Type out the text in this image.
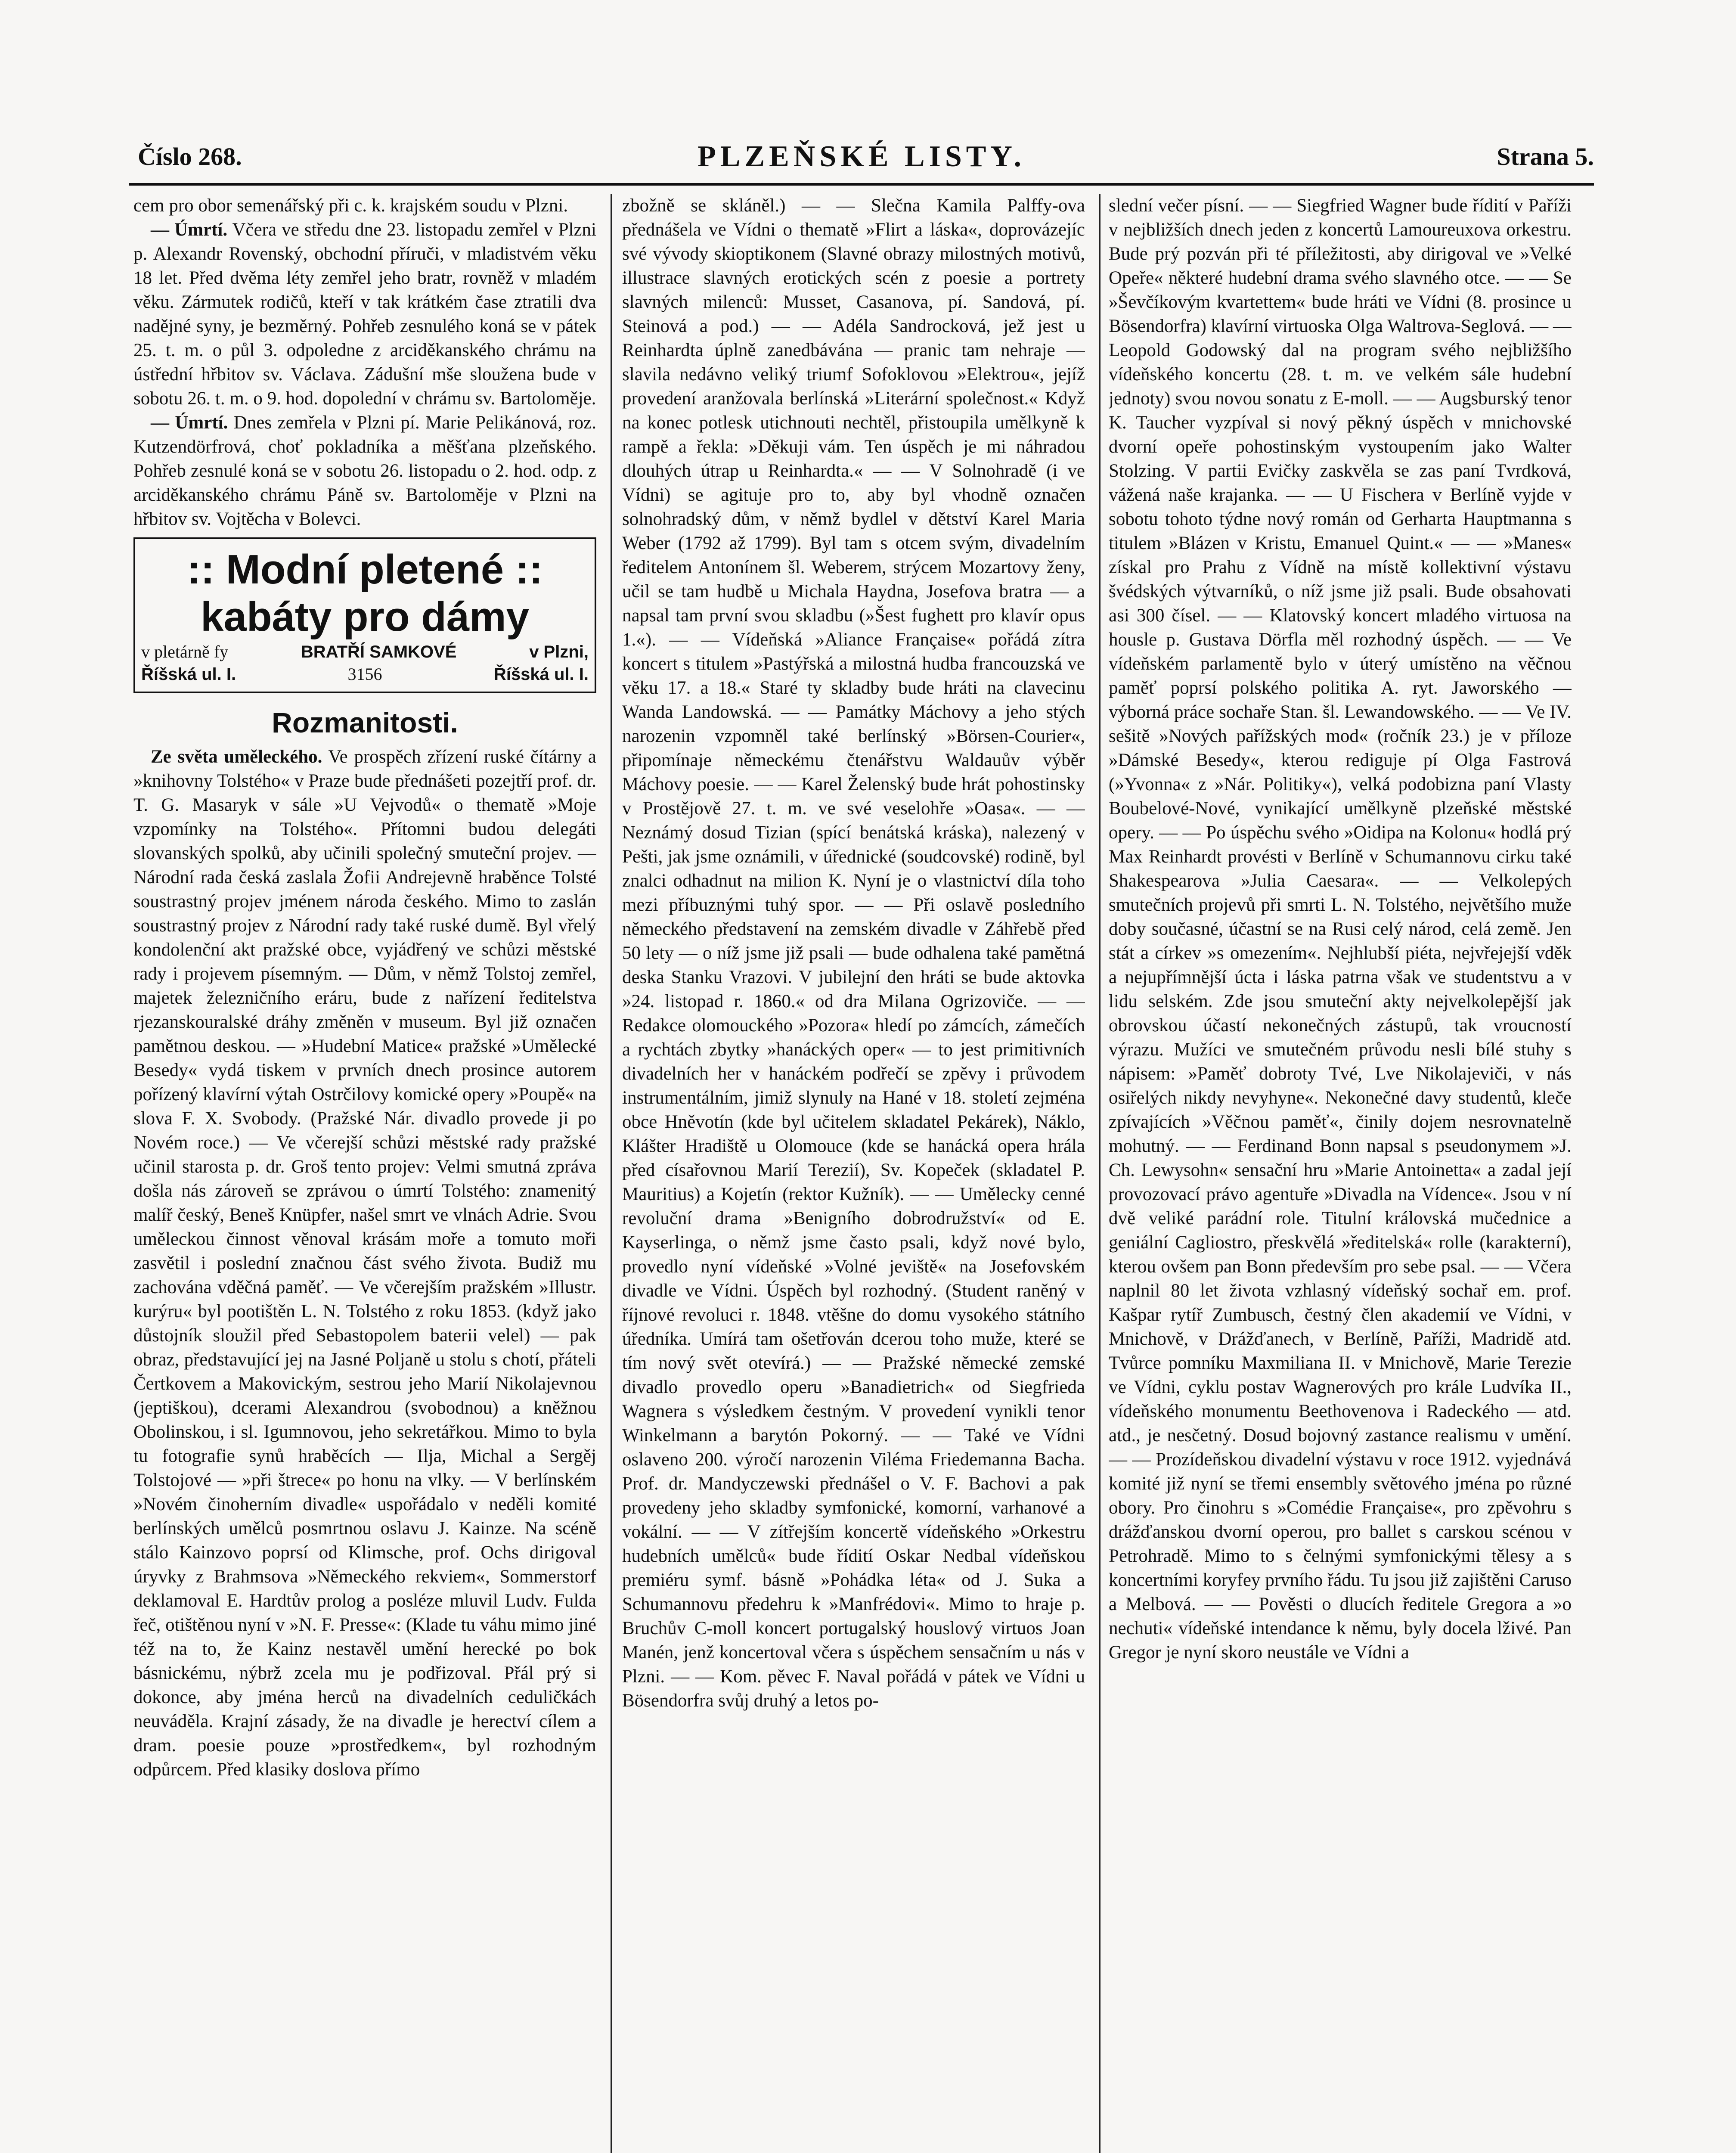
Číslo 268.	PLZEŇSKÉ LISTY.	Strana 5.

cem pro obor semenářský při c. k. krajském soudu v Plzni.

— Úmrtí. Včera ve středu dne 23. listopadu zemřel v Plzni p. Alexandr Rovenský, obchodní příruči, v mladistvém věku 18 let. Před dvěma léty zemřel jeho bratr, rovněž v mladém věku. Zármutek rodičů, kteří v tak krátkém čase ztratili dva nadějné syny, je bezměrný. Pohřeb zesnulého koná se v pátek 25. t. m. o půl 3. odpoledne z arciděkanského chrámu na ústřední hřbitov sv. Václava. Zádušní mše sloužena bude v sobotu 26. t. m. o 9. hod. dopolední v chrámu sv. Bartoloměje.

— Úmrtí. Dnes zemřela v Plzni pí. Marie Pelikánová, roz. Kutzendörfrová, choť pokladníka a měšťana plzeňského. Pohřeb zesnulé koná se v sobotu 26. listopadu o 2. hod. odp. z arciděkanského chrámu Páně sv. Bartoloměje v Plzni na hřbitov sv. Vojtěcha v Bolevci.

:: Modní pletené ::
kabáty pro dámy
v pletárně fy	BRATŘÍ SAMKOVÉ	v Plzni,
Říšská ul. I.	3156	Říšská ul. I.
Rozmanitosti.

Ze světa uměleckého. Ve prospěch zřízení ruské čítárny a »knihovny Tolstého« v Praze bude přednášeti pozejtří prof. dr. T. G. Masaryk v sále »U Vejvodů« o thematě »Moje vzpomínky na Tolstého«. Přítomni budou delegáti slovanských spolků, aby učinili společný smuteční projev. — Národní rada česká zaslala Žofii Andrejevně hraběnce Tolsté soustrastný projev jménem národa českého. Mimo to zaslán soustrastný projev z Národní rady také ruské dumě. Byl vřelý kondolenční akt pražské obce, vyjádřený ve schůzi městské rady i projevem písemným. — Dům, v němž Tolstoj zemřel, majetek železničního eráru, bude z nařízení ředitelstva rjezanskouralské dráhy změněn v museum. Byl již označen pamětnou deskou. — »Hudební Matice« pražské »Umělecké Besedy« vydá tiskem v prvních dnech prosince autorem pořízený klavírní výtah Ostrčilovy komické opery »Poupě« na slova F. X. Svobody. (Pražské Nár. divadlo provede ji po Novém roce.) — Ve včerejší schůzi městské rady pražské učinil starosta p. dr. Groš tento projev: Velmi smutná zpráva došla nás zároveň se zprávou o úmrtí Tolstého: znamenitý malíř český, Beneš Knüpfer, našel smrt ve vlnách Adrie. Svou uměleckou činnost věnoval krásám moře a tomuto moři zasvětil i poslední značnou část svého života. Budiž mu zachována vděčná paměť. — Ve včerejším pražském »Illustr. kurýru« byl pootištěn L. N. Tolstého z roku 1853. (když jako důstojník sloužil před Sebastopolem baterii velel) — pak obraz, představující jej na Jasné Poljaně u stolu s chotí, přáteli Čertkovem a Makovickým, sestrou jeho Marií Nikolajevnou (jeptiškou), dcerami Alexandrou (svobodnou) a kněžnou Obolinskou, i sl. Igumnovou, jeho sekretářkou. Mimo to byla tu fotografie synů hraběcích — Ilja, Michal a Sergěj Tolstojové — »při štrece« po honu na vlky. — V berlínském »Novém činoherním divadle« uspořádalo v neděli komité berlínských umělců posmrtnou oslavu J. Kainze. Na scéně stálo Kainzovo poprsí od Klimsche, prof. Ochs dirigoval úryvky z Brahmsova »Německého rekviem«, Sommerstorf deklamoval E. Hardtův prolog a posléze mluvil Ludv. Fulda řeč, otištěnou nyní v »N. F. Presse«: (Klade tu váhu mimo jiné též na to, že Kainz nestavěl umění herecké po bok básnickému, nýbrž zcela mu je podřizoval. Přál prý si dokonce, aby jména herců na divadelních ceduličkách neuváděla. Krajní zásady, že na divadle je herectví cílem a dram. poesie pouze »prostředkem«, byl rozhodným odpůrcem. Před klasiky doslova přímo

zbožně se skláněl.) — — Slečna Kamila Palffy-ova přednášela ve Vídni o thematě »Flirt a láska«, doprovázejíc své vývody skioptikonem (Slavné obrazy milostných motivů, illustrace slavných erotických scén z poesie a portrety slavných milenců: Musset, Casanova, pí. Sandová, pí. Steinová a pod.) — — Adéla Sandrocková, jež jest u Reinhardta úplně zanedbávána — pranic tam nehraje — slavila nedávno veliký triumf Sofoklovou »Elektrou«, jejíž provedení aranžovala berlínská »Literární společnost.« Když na konec potlesk utichnouti nechtěl, přistoupila umělkyně k rampě a řekla: »Děkuji vám. Ten úspěch je mi náhradou dlouhých útrap u Reinhardta.« — — V Solnohradě (i ve Vídni) se agituje pro to, aby byl vhodně označen solnohradský dům, v němž bydlel v dětství Karel Maria Weber (1792 až 1799). Byl tam s otcem svým, divadelním ředitelem Antonínem šl. Weberem, strýcem Mozartovy ženy, učil se tam hudbě u Michala Haydna, Josefova bratra — a napsal tam první svou skladbu (»Šest fughett pro klavír opus 1.«). — — Vídeňská »Aliance Française« pořádá zítra koncert s titulem »Pastýřská a milostná hudba francouzská ve věku 17. a 18.« Staré ty skladby bude hráti na clavecinu Wanda Landowská. — — Památky Máchovy a jeho stých narozenin vzpomněl také berlínský »Börsen-Courier«, připomínaje německému čtenářstvu Waldauův výběr Máchovy poesie. — — Karel Želenský bude hrát pohostinsky v Prostějově 27. t. m. ve své veselohře »Oasa«. — — Neznámý dosud Tizian (spící benátská kráska), nalezený v Pešti, jak jsme oznámili, v úřednické (soudcovské) rodině, byl znalci odhadnut na milion K. Nyní je o vlastnictví díla toho mezi příbuznými tuhý spor. — — Při oslavě posledního německého představení na zemském divadle v Záhřebě před 50 lety — o níž jsme již psali — bude odhalena také pamětná deska Stanku Vrazovi. V jubilejní den hráti se bude aktovka »24. listopad r. 1860.« od dra Milana Ogrizoviče. — — Redakce olomouckého »Pozora« hledí po zámcích, zámečích a rychtách zbytky »hanáckých oper« — to jest primitivních divadelních her v hanáckém podřečí se zpěvy i průvodem instrumentálním, jimiž slynuly na Hané v 18. století zejména obce Hněvotín (kde byl učitelem skladatel Pekárek), Náklo, Klášter Hradiště u Olomouce (kde se hanácká opera hrála před císařovnou Marií Terezií), Sv. Kopeček (skladatel P. Mauritius) a Kojetín (rektor Kužník). — — Umělecky cenné revoluční drama »Benigního dobrodružství« od E. Kayserlinga, o němž jsme často psali, když nové bylo, provedlo nyní vídeňské »Volné jeviště« na Josefovském divadle ve Vídni. Úspěch byl rozhodný. (Student raněný v říjnové revoluci r. 1848. vtěšne do domu vysokého státního úředníka. Umírá tam ošetřován dcerou toho muže, které se tím nový svět otevírá.) — — Pražské německé zemské divadlo provedlo operu »Banadietrich« od Siegfrieda Wagnera s výsledkem čestným. V provedení vynikli tenor Winkelmann a barytón Pokorný. — — Také ve Vídni oslaveno 200. výročí narozenin Viléma Friedemanna Bacha. Prof. dr. Mandyczewski přednášel o V. F. Bachovi a pak provedeny jeho skladby symfonické, komorní, varhanové a vokální. — — V zítřejším koncertě vídeňského »Orkestru hudebních umělců« bude řídití Oskar Nedbal vídeňskou premiéru symf. básně »Pohádka léta« od J. Suka a Schumannovu předehru k »Manfrédovi«. Mimo to hraje p. Bruchův C-moll koncert portugalský houslový virtuos Joan Manén, jenž koncertoval včera s úspěchem sensačním u nás v Plzni. — — Kom. pěvec F. Naval pořádá v pátek ve Vídni u Bösendorfra svůj druhý a letos po-

slední večer písní. — — Siegfried Wagner bude řídití v Paříži v nejbližších dnech jeden z koncertů Lamoureuxova orkestru. Bude prý pozván při té příležitosti, aby dirigoval ve »Velké Opeře« některé hudební drama svého slavného otce. — — Se »Ševčíkovým kvartettem« bude hráti ve Vídni (8. prosince u Bösendorfra) klavírní virtuoska Olga Waltrova-Seglová. — — Leopold Godowský dal na program svého nejbližšího vídeňského koncertu (28. t. m. ve velkém sále hudební jednoty) svou novou sonatu z E-moll. — — Augsburský tenor K. Taucher vyzpíval si nový pěkný úspěch v mnichovské dvorní opeře pohostinským vystoupením jako Walter Stolzing. V partii Evičky zaskvěla se zas paní Tvrdková, vážená naše krajanka. — — U Fischera v Berlíně vyjde v sobotu tohoto týdne nový román od Gerharta Hauptmanna s titulem »Blázen v Kristu, Emanuel Quint.« — — »Manes« získal pro Prahu z Vídně na místě kollektivní výstavu švédských výtvarníků, o níž jsme již psali. Bude obsahovati asi 300 čísel. — — Klatovský koncert mladého virtuosa na housle p. Gustava Dörfla měl rozhodný úspěch. — — Ve vídeňském parlamentě bylo v úterý umístěno na věčnou paměť poprsí polského politika A. ryt. Jaworského — výborná práce sochaře Stan. šl. Lewandowského. — — Ve IV. sešitě »Nových pařížských mod« (ročník 23.) je v příloze »Dámské Besedy«, kterou rediguje pí Olga Fastrová (»Yvonna« z »Nár. Politiky«), velká podobizna paní Vlasty Boubelové-Nové, vynikající umělkyně plzeňské městské opery. — — Po úspěchu svého »Oidipa na Kolonu« hodlá prý Max Reinhardt provésti v Berlíně v Schumannovu cirku také Shakespearova »Julia Caesara«. — — Velkolepých smutečních projevů při smrti L. N. Tolstého, největšího muže doby současné, účastní se na Rusi celý národ, celá země. Jen stát a církev »s omezením«. Nejhlubší piéta, nejvřejejší vděk a nejupřímnější úcta i láska patrna však ve studentstvu a v lidu selském. Zde jsou smuteční akty nejvelkolepější jak obrovskou účastí nekonečných zástupů, tak vroucností výrazu. Mužíci ve smutečném průvodu nesli bílé stuhy s nápisem: »Paměť dobroty Tvé, Lve Nikolajeviči, v nás osiřelých nikdy nevyhyne«. Nekonečné davy studentů, kleče zpívajících »Věčnou paměť«, činily dojem nesrovnatelně mohutný. — — Ferdinand Bonn napsal s pseudonymem »J. Ch. Lewysohn« sensační hru »Marie Antoinetta« a zadal její provozovací právo agentuře »Divadla na Vídence«. Jsou v ní dvě veliké parádní role. Titulní královská mučednice a geniální Cagliostro, přeskvělá »ředitelská« rolle (karakterní), kterou ovšem pan Bonn především pro sebe psal. — — Včera naplnil 80 let života vzhlasný vídeňský sochař em. prof. Kašpar rytíř Zumbusch, čestný člen akademií ve Vídni, v Mnichově, v Drážďanech, v Berlíně, Paříži, Madridě atd. Tvůrce pomníku Maxmiliana II. v Mnichově, Marie Terezie ve Vídni, cyklu postav Wagnerových pro krále Ludvíka II., vídeňského monumentu Beethovenova i Radeckého — atd. atd., je nesčetný. Dosud bojovný zastance realismu v umění. — — Prozídeňskou divadelní výstavu v roce 1912. vyjednává komité již nyní se třemi ensembly světového jména po různé obory. Pro činohru s »Comédie Française«, pro zpěvohru s drážďanskou dvorní operou, pro ballet s carskou scénou v Petrohradě. Mimo to s čelnými symfonickými tělesy a s koncertními koryfey prvního řádu. Tu jsou již zajištěni Caruso a Melbová. — — Pověsti o dlucích ředitele Gregora a »o nechuti« vídeňské intendance k němu, byly docela lživé. Pan Gregor je nyní skoro neustále ve Vídni a
